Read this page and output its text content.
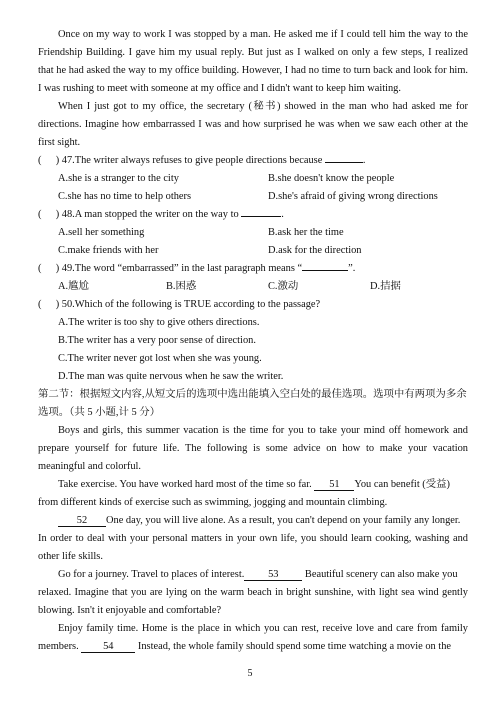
Once on my way to work I was stopped by a man. He asked me if I could tell him the way to the
Friendship Building. I gave him my usual reply. But just as I walked on only a few steps, I realized
that he had asked the way to my office building. However, I had no time to turn back and look for him.
I was rushing to meet with someone at my office and I didn't want to keep him waiting.
When I just got to my office, the secretary (秘书) showed in the man who had asked me for
directions. Imagine how embarrassed I was and how surprised he was when we saw each other at the
first sight.
( ) 47.The writer always refuses to give people directions because	.
A.she is a stranger to the city	B.she doesn't know the people
C.she has no time to help others	D.she's afraid of giving wrong directions
( ) 48.A man stopped the writer on the way to	.
A.sell her something	B.ask her the time
C.make friends with her	D.ask for the direction
( ) 49.The word “embarrassed” in the last paragraph means “	”.
A.尴尬	B.困惑	C.激动	D.拮据
( ) 50.Which of the following is TRUE according to the passage?
A.The writer is too shy to give others directions.
B.The writer has a very poor sense of direction.
C.The writer never got lost when she was young.
D.The man was quite nervous when he saw the writer.
第二节：根据短文内容,从短文后的选项中选出能填入空白处的最佳选项。选项中有两项为多余
选项。（共 5 小题,计 5 分）
Boys and girls, this summer vacation is the time for you to take your mind off homework and
prepare yourself for future life. The following is some advice on how to make your vacation
meaningful and colorful.
Take exercise. You have worked hard most of the time so far. 51 You can benefit (受益)
from different kinds of exercise such as swimming, jogging and mountain climbing.
52 One day, you will live alone. As a result, you can't depend on your family any longer.
In order to deal with your personal matters in your own life, you should learn cooking, washing and
other life skills.
Go for a journey. Travel to places of interest. 53	Beautiful scenery can also make you
relaxed. Imagine that you are lying on the warm beach in bright sunshine, with light sea wind gently
blowing. Isn't it enjoyable and comfortable?
Enjoy family time. Home is the place in which you can rest, receive love and care from family
members. 54 Instead, the whole family should spend some time watching a movie on the
5
